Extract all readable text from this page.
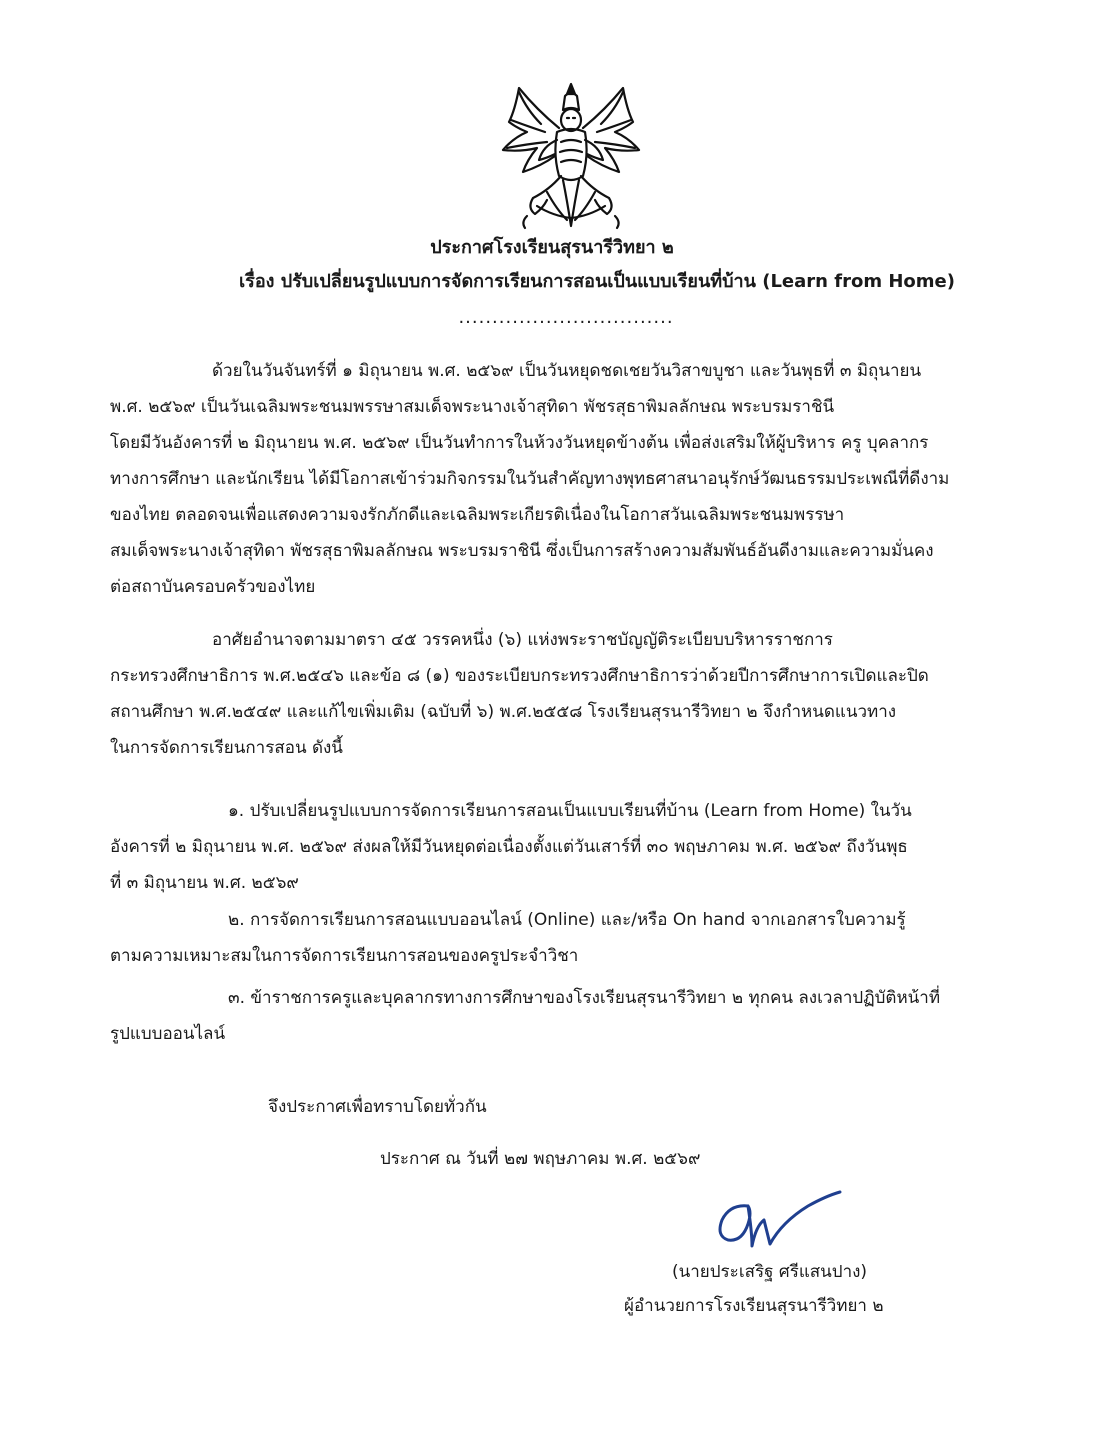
ประกาศโรงเรียนสุรนารีวิทยา ๒
เรื่อง ปรับเปลี่ยนรูปแบบการจัดการเรียนการสอนเป็นแบบเรียนที่บ้าน (Learn from Home)
................................
ด้วยในวันจันทร์ที่ ๑ มิถุนายน พ.ศ. ๒๕๖๙ เป็นวันหยุดชดเชยวันวิสาขบูชา และวันพุธที่ ๓ มิถุนายน
พ.ศ. ๒๕๖๙ เป็นวันเฉลิมพระชนมพรรษาสมเด็จพระนางเจ้าสุทิดา พัชรสุธาพิมลลักษณ พระบรมราชินี
โดยมีวันอังคารที่ ๒ มิถุนายน พ.ศ. ๒๕๖๙ เป็นวันทำการในห้วงวันหยุดข้างต้น เพื่อส่งเสริมให้ผู้บริหาร ครู บุคลากร
ทางการศึกษา และนักเรียน ได้มีโอกาสเข้าร่วมกิจกรรมในวันสำคัญทางพุทธศาสนาอนุรักษ์วัฒนธรรมประเพณีที่ดีงาม
ของไทย ตลอดจนเพื่อแสดงความจงรักภักดีและเฉลิมพระเกียรติเนื่องในโอกาสวันเฉลิมพระชนมพรรษา
สมเด็จพระนางเจ้าสุทิดา พัชรสุธาพิมลลักษณ พระบรมราชินี ซึ่งเป็นการสร้างความสัมพันธ์อันดีงามและความมั่นคง
ต่อสถาบันครอบครัวของไทย
อาศัยอำนาจตามมาตรา ๔๕ วรรคหนึ่ง (๖) แห่งพระราชบัญญัติระเบียบบริหารราชการ
กระทรวงศึกษาธิการ พ.ศ.๒๕๔๖ และข้อ ๘ (๑) ของระเบียบกระทรวงศึกษาธิการว่าด้วยปีการศึกษาการเปิดและปิด
สถานศึกษา พ.ศ.๒๕๔๙ และแก้ไขเพิ่มเติม (ฉบับที่ ๖) พ.ศ.๒๕๕๘ โรงเรียนสุรนารีวิทยา ๒ จึงกำหนดแนวทาง
ในการจัดการเรียนการสอน ดังนี้
๑. ปรับเปลี่ยนรูปแบบการจัดการเรียนการสอนเป็นแบบเรียนที่บ้าน (Learn from Home) ในวัน
อังคารที่ ๒ มิถุนายน พ.ศ. ๒๕๖๙ ส่งผลให้มีวันหยุดต่อเนื่องตั้งแต่วันเสาร์ที่ ๓๐ พฤษภาคม พ.ศ. ๒๕๖๙ ถึงวันพุธ
ที่ ๓ มิถุนายน พ.ศ. ๒๕๖๙
๒. การจัดการเรียนการสอนแบบออนไลน์ (Online) และ/หรือ On hand จากเอกสารใบความรู้
ตามความเหมาะสมในการจัดการเรียนการสอนของครูประจำวิชา
๓. ข้าราชการครูและบุคลากรทางการศึกษาของโรงเรียนสุรนารีวิทยา ๒ ทุกคน ลงเวลาปฏิบัติหน้าที่
รูปแบบออนไลน์
จึงประกาศเพื่อทราบโดยทั่วกัน
ประกาศ ณ วันที่ ๒๗ พฤษภาคม พ.ศ. ๒๕๖๙
(นายประเสริฐ ศรีแสนปาง)
ผู้อำนวยการโรงเรียนสุรนารีวิทยา ๒
